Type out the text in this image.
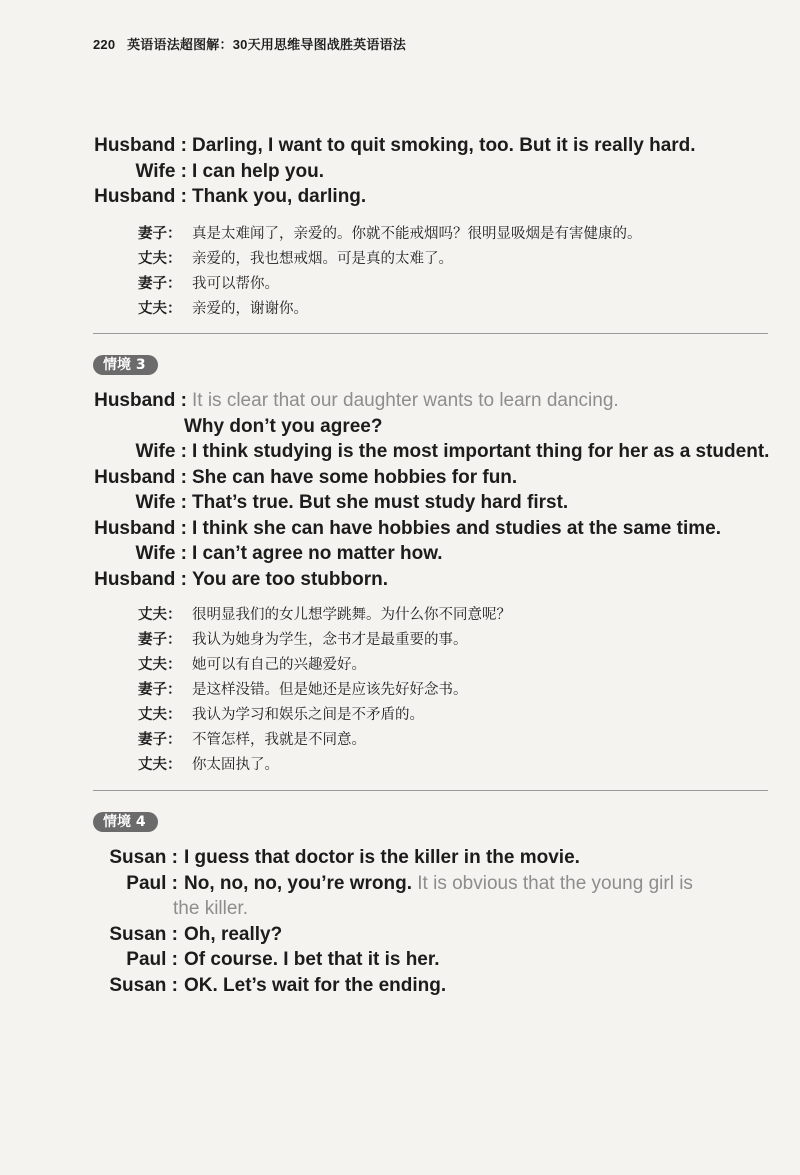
220 英语语法超图解：30天用思维导图战胜英语语法
Husband : Darling, I want to quit smoking, too. But it is really hard.
Wife : I can help you.
Husband : Thank you, darling.
妻子： 真是太难闻了，亲爱的。你就不能戒烟吗？很明显吸烟是有害健康的。
丈夫： 亲爱的，我也想戒烟。可是真的太难了。
妻子： 我可以帮你。
丈夫： 亲爱的，谢谢你。
情境 3
Husband : It is clear that our daughter wants to learn dancing.
Why don’t you agree?
Wife : I think studying is the most important thing for her as a student.
Husband : She can have some hobbies for fun.
Wife : That’s true. But she must study hard first.
Husband : I think she can have hobbies and studies at the same time.
Wife : I can’t agree no matter how.
Husband : You are too stubborn.
丈夫： 很明显我们的女儿想学跳舞。为什么你不同意呢？
妻子： 我认为她身为学生，念书才是最重要的事。
丈夫： 她可以有自己的兴趣爱好。
妻子： 是这样没错。但是她还是应该先好好念书。
丈夫： 我认为学习和娱乐之间是不矛盾的。
妻子： 不管怎样，我就是不同意。
丈夫： 你太固执了。
情境 4
Susan : I guess that doctor is the killer in the movie.
Paul : No, no, no, you’re wrong. It is obvious that the young girl is
the killer.
Susan : Oh, really?
Paul : Of course. I bet that it is her.
Susan : OK. Let’s wait for the ending.
